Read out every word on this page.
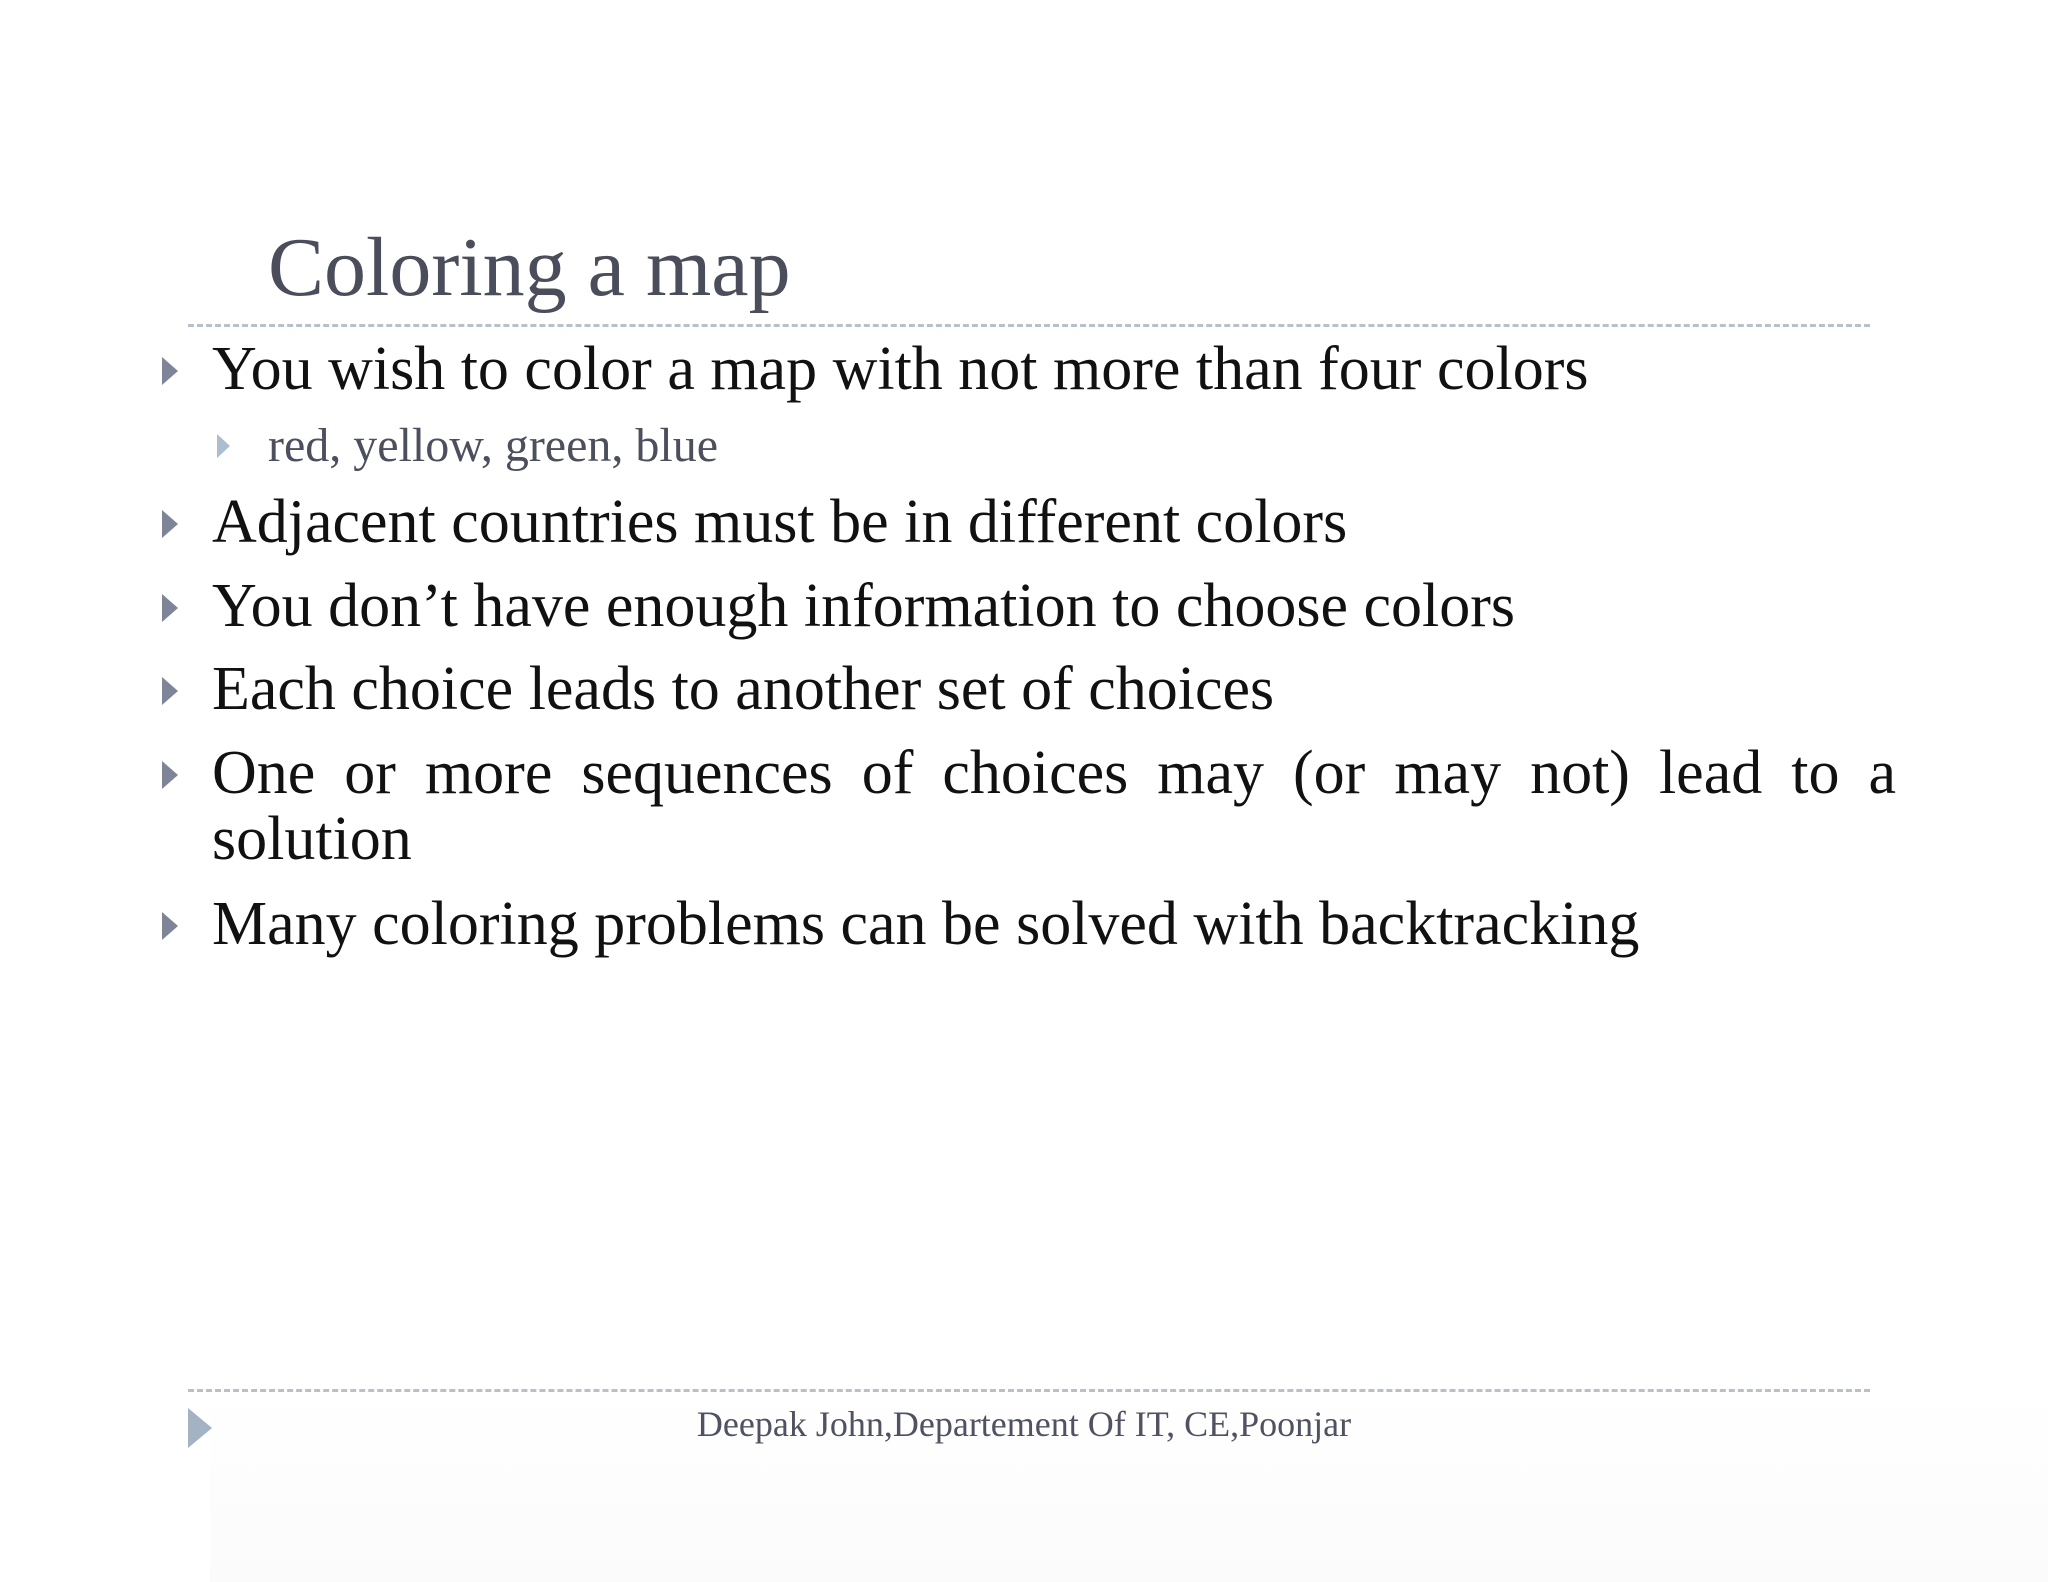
Coloring a map
You wish to color a map with not more than four colors
red, yellow, green, blue
Adjacent countries must be in different colors
You don’t have enough information to choose colors
Each choice leads to another set of choices
One or more sequences of choices may (or may not) lead to a solution
Many coloring problems can be solved with backtracking
Deepak John,Departement Of IT, CE,Poonjar
